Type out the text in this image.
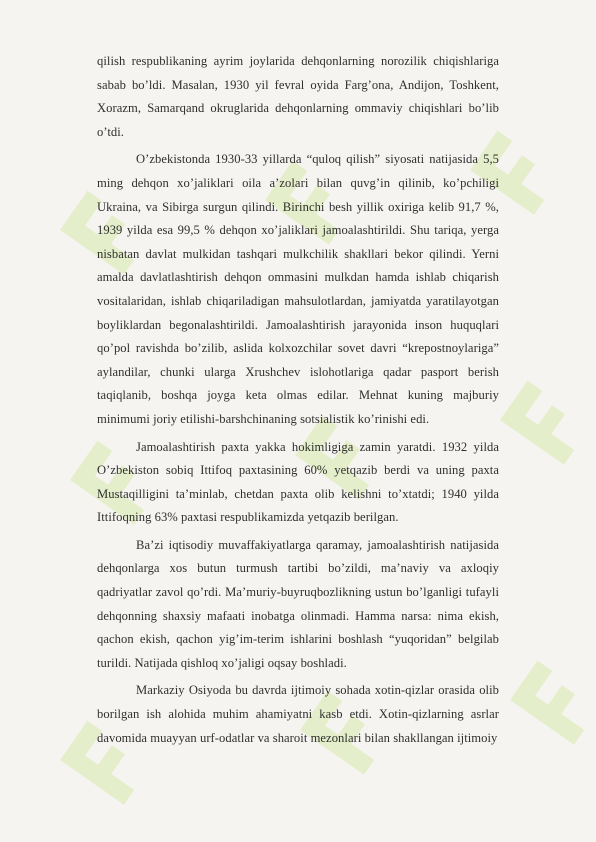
qilish respublikaning ayrim joylarida dehqonlarning norozilik chiqishlariga sabab bo’ldi. Masalan, 1930 yil fevral oyida Farg’ona, Andijon, Toshkent, Xorazm, Samarqand okruglarida dehqonlarning ommaviy chiqishlari bo’lib o’tdi.

O’zbekistonda 1930-33 yillarda “quloq qilish” siyosati natijasida 5,5 ming dehqon xo’jaliklari oila a’zolari bilan quvg’in qilinib, ko’pchiligi Ukraina, va Sibirga surgun qilindi. Birinchi besh yillik oxiriga kelib 91,7 %, 1939 yilda esa 99,5 % dehqon xo’jaliklari jamoalashtirildi. Shu tariqa, yerga nisbatan davlat mulkidan tashqari mulkchilik shakllari bekor qilindi. Yerni amalda davlatlashtirish dehqon ommasini mulkdan hamda ishlab chiqarish vositalaridan, ishlab chiqariladigan mahsulotlardan, jamiyatda yaratilayotgan boyliklardan begonalashtirildi. Jamoalashtirish jarayonida inson huquqlari qo’pol ravishda bo’zilib, aslida kolxozchilar sovet davri “krepostnoylariga” aylandilar, chunki ularga Xrushchev islohotlariga qadar pasport berish taqiqlanib, boshqa joyga keta olmas edilar. Mehnat kuning majburiy minimumi joriy etilishi-barshchinaning sotsialistik ko’rinishi edi.

Jamoalashtirish paxta yakka hokimligiga zamin yaratdi. 1932 yilda O’zbekiston sobiq Ittifoq paxtasining 60% yetqazib berdi va uning paxta Mustaqilligini ta’minlab, chetdan paxta olib kelishni to’xtatdi; 1940 yilda Ittifoqning 63% paxtasi respublikamizda yetqazib berilgan.

Ba’zi iqtisodiy muvaffakiyatlarga qaramay, jamoalashtirish natijasida dehqonlarga xos butun turmush tartibi bo’zildi, ma’naviy va axloqiy qadriyatlar zavol qo’rdi. Ma’muriy-buyruqbozlikning ustun bo’lganligi tufayli dehqonning shaxsiy mafaati inobatga olinmadi. Hamma narsa: nima ekish, qachon ekish, qachon yig’im-terim ishlarini boshlash “yuqoridan” belgilab turildi. Natijada qishloq xo’jaligi oqsay boshladi.

Markaziy Osiyoda bu davrda ijtimoiy sohada xotin-qizlar orasida olib borilgan ish alohida muhim ahamiyatni kasb etdi. Xotin-qizlarning asrlar davomida muayyan urf-odatlar va sharoit mezonlari bilan shakllangan ijtimoiy
